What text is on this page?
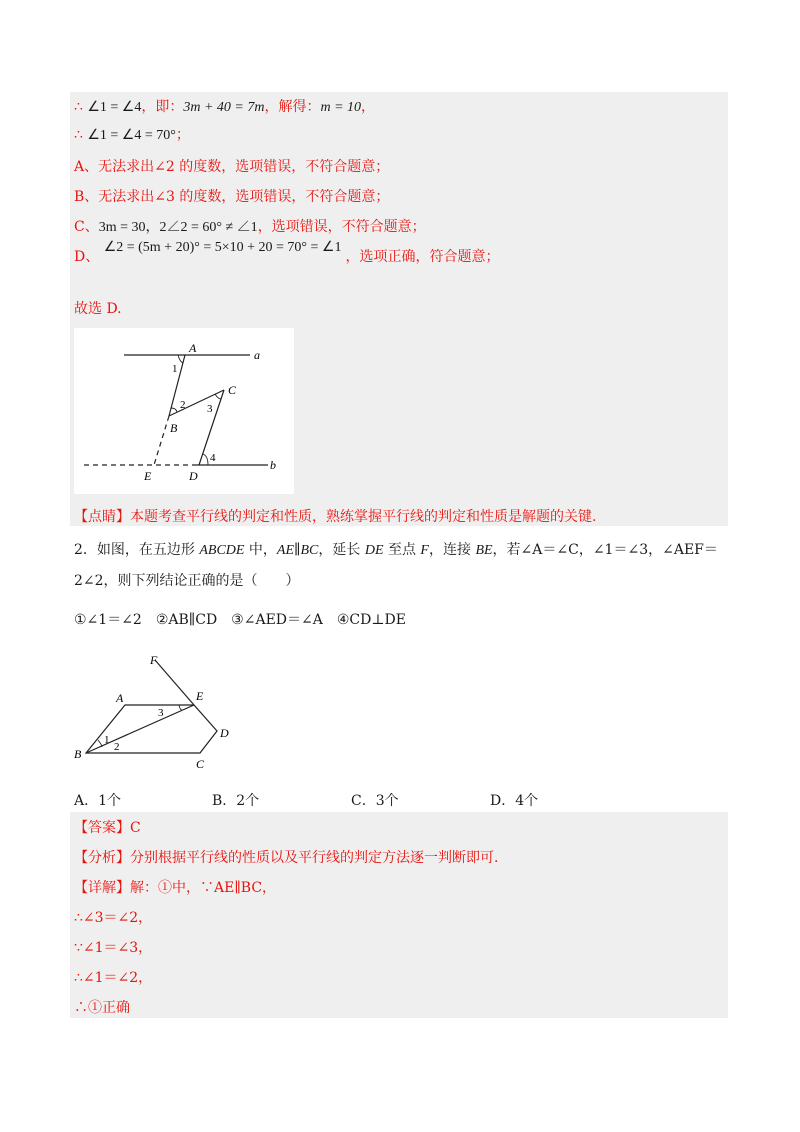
∴ ∠1 = ∠4，即：3m + 40 = 7m，解得：m = 10，
∴ ∠1 = ∠4 = 70°；
A、无法求出∠2 的度数，选项错误，不符合题意；
B、无法求出∠3 的度数，选项错误，不符合题意；
C、3m = 30，2∠2 = 60° ≠ ∠1，选项错误，不符合题意；
D、 ∠2 = (5m + 20)° = 5×10 + 20 = 70° = ∠1，选项正确，符合题意；
故选 D.
A	a
1
C
2 3
B
4	b
E	D
【点睛】本题考查平行线的判定和性质，熟练掌握平行线的判定和性质是解题的关键.
2．如图，在五边形 ABCDE 中，AE∥BC，延长 DE 至点 F，连接 BE，若∠A＝∠C，∠1＝∠3，∠AEF＝
2∠2，则下列结论正确的是（　　）
①∠1＝∠2　②AB∥CD　③∠AED＝∠A　④CD⊥DE
F
A	E
3
D
1
2
B
C
A．1个	B．2个	C．3个	D．4个
【答案】C
【分析】分别根据平行线的性质以及平行线的判定方法逐一判断即可.
【详解】解：①中，∵AE∥BC，
∴∠3＝∠2，
∵∠1＝∠3，
∴∠1＝∠2，
∴①正确
